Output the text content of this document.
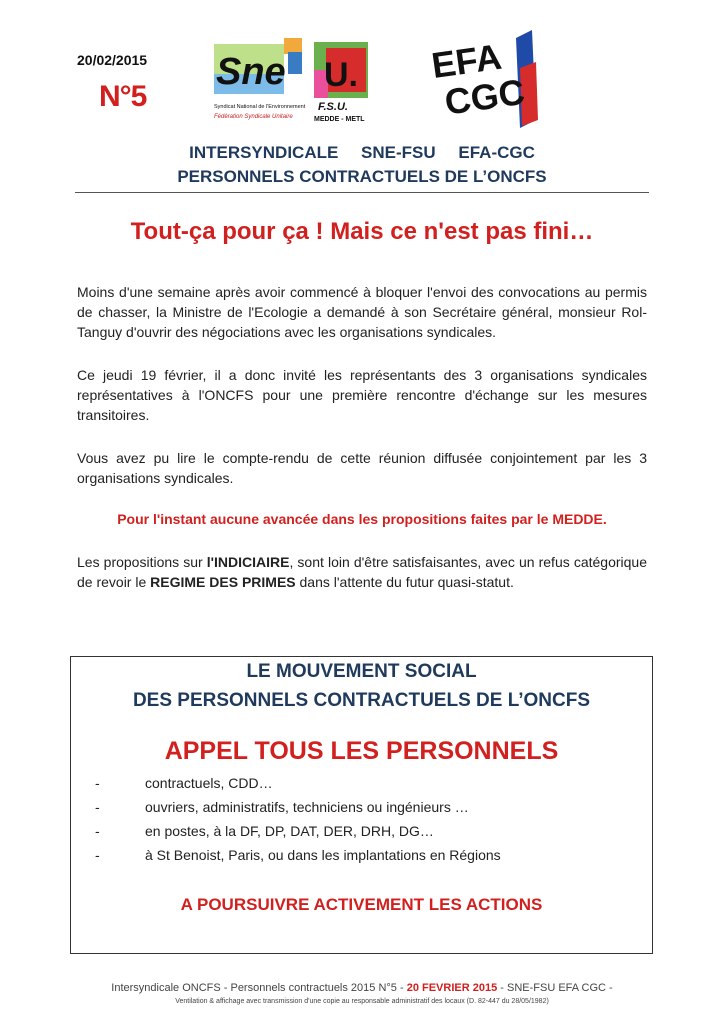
20/02/2015
N°5
Sne
Syndicat National de l'Environnement
Fédération Syndicale Unitaire
U.
F.S.U.
MEDDE - METL
EFA
CGC
INTERSYNDICALE SNE-FSU EFA-CGC
PERSONNELS CONTRACTUELS DE L’ONCFS
Tout-ça pour ça ! Mais ce n'est pas fini…
Moins d'une semaine après avoir commencé à bloquer l'envoi des convocations au permis de chasser, la Ministre de l'Ecologie a demandé à son Secrétaire général, monsieur Rol-Tanguy d'ouvrir des négociations avec les organisations syndicales.
Ce jeudi 19 février, il a donc invité les représentants des 3 organisations syndicales représentatives à l'ONCFS pour une première rencontre d'échange sur les mesures transitoires.
Vous avez pu lire le compte-rendu de cette réunion diffusée conjointement par les 3 organisations syndicales.
Pour l'instant aucune avancée dans les propositions faites par le MEDDE.
Les propositions sur l'INDICIAIRE, sont loin d'être satisfaisantes, avec un refus catégorique de revoir le REGIME DES PRIMES dans l'attente du futur quasi-statut.
LE MOUVEMENT SOCIAL
DES PERSONNELS CONTRACTUELS DE L’ONCFS
APPEL TOUS LES PERSONNELS
-	contractuels, CDD…
-	ouvriers, administratifs, techniciens ou ingénieurs …
-	en postes, à la DF, DP, DAT, DER, DRH, DG…
-	à St Benoist, Paris, ou dans les implantations en Régions
A POURSUIVRE ACTIVEMENT LES ACTIONS
Intersyndicale ONCFS - Personnels contractuels 2015 N°5 - 20 FEVRIER 2015 - SNE-FSU EFA CGC -
Ventilation & affichage avec transmission d'une copie au responsable administratif des locaux (D. 82-447 du 28/05/1982)
